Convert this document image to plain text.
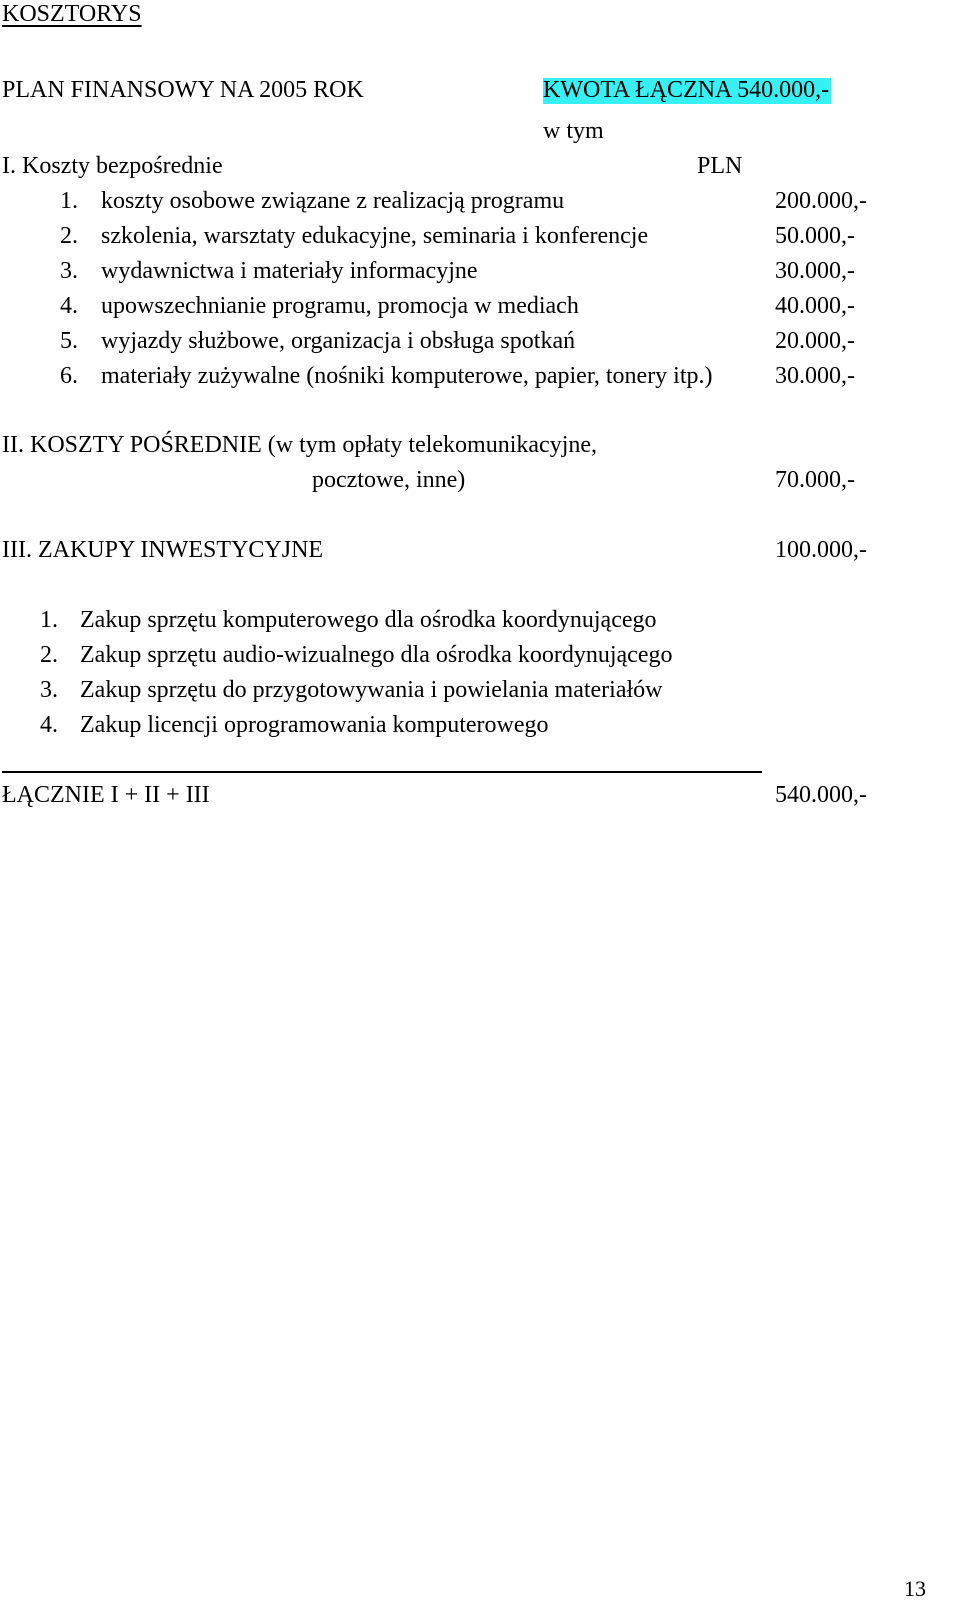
KOSZTORYS
PLAN FINANSOWY NA 2005 ROK	KWOTA ŁĄCZNA 540.000,-
w tym
I. Koszty bezpośrednie	PLN
1. koszty osobowe związane z realizacją programu	200.000,-
2. szkolenia, warsztaty edukacyjne, seminaria i konferencje	50.000,-
3. wydawnictwa i materiały informacyjne	30.000,-
4. upowszechnianie programu, promocja w mediach	40.000,-
5. wyjazdy służbowe, organizacja i obsługa spotkań	20.000,-
6. materiały zużywalne (nośniki komputerowe, papier, tonery itp.)	30.000,-
II. KOSZTY POŚREDNIE (w tym opłaty telekomunikacyjne,
pocztowe, inne)	70.000,-
III. ZAKUPY INWESTYCYJNE	100.000,-
1. Zakup sprzętu komputerowego dla ośrodka koordynującego
2. Zakup sprzętu audio-wizualnego dla ośrodka koordynującego
3. Zakup sprzętu do przygotowywania i powielania materiałów
4. Zakup licencji oprogramowania komputerowego
ŁĄCZNIE I + II + III	540.000,-
13
